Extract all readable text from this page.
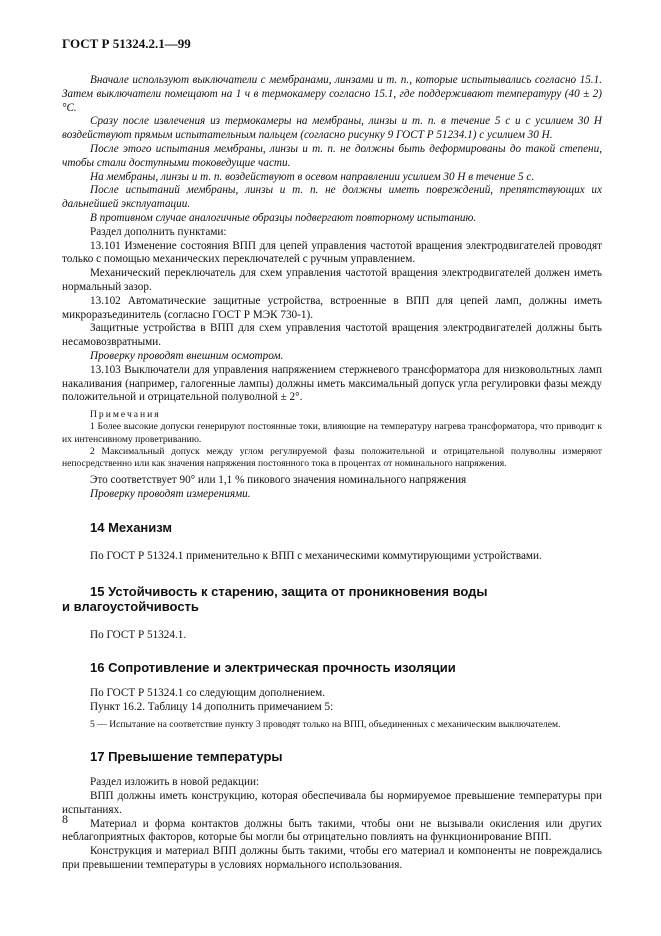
ГОСТ Р 51324.2.1—99

Вначале используют выключатели с мембранами, линзами и т. п., которые испытывались согласно 15.1. Затем выключатели помещают на 1 ч в термокамеру согласно 15.1, где поддерживают температуру (40 ± 2) °С.

Сразу после извлечения из термокамеры на мембраны, линзы и т. п. в течение 5 с и с усилием 30 Н воздействуют прямым испытательным пальцем (согласно рисунку 9 ГОСТ Р 51234.1) с усилием 30 Н.

После этого испытания мембраны, линзы и т. п. не должны быть деформированы до такой степени, чтобы стали доступными токоведущие части.

На мембраны, линзы и т. п. воздействуют в осевом направлении усилием 30 Н в течение 5 с.

После испытаний мембраны, линзы и т. п. не должны иметь повреждений, препятствующих их дальнейшей эксплуатации.

В противном случае аналогичные образцы подвергают повторному испытанию.

Раздел дополнить пунктами:

13.101 Изменение состояния ВПП для цепей управления частотой вращения электродвигателей проводят только с помощью механических переключателей с ручным управлением.

Механический переключатель для схем управления частотой вращения электродвигателей должен иметь нормальный зазор.

13.102 Автоматические защитные устройства, встроенные в ВПП для цепей ламп, должны иметь микроразъединитель (согласно ГОСТ Р МЭК 730-1).

Защитные устройства в ВПП для схем управления частотой вращения электродвигателей должны быть несамовозвратными.

Проверку проводят внешним осмотром.

13.103 Выключатели для управления напряжением стержневого трансформатора для низковольтных ламп накаливания (например, галогенные лампы) должны иметь максимальный допуск угла регулировки фазы между положительной и отрицательной полуволной ± 2°.

Примечания

1 Более высокие допуски генерируют постоянные токи, влияющие на температуру нагрева трансформатора, что приводит к их интенсивному проветриванию.

2 Максимальный допуск между углом регулируемой фазы положительной и отрицательной полуволны измеряют непосредственно или как значения напряжения постоянного тока в процентах от номинального напряжения.

Это соответствует 90° или 1,1 % пикового значения номинального напряжения

Проверку проводят измерениями.

14 Механизм

По ГОСТ Р 51324.1 применительно к ВПП с механическими коммутирующими устройствами.

15 Устойчивость к старению, защита от проникновения воды
и влагоустойчивость

По ГОСТ Р 51324.1.

16 Сопротивление и электрическая прочность изоляции

По ГОСТ Р 51324.1 со следующим дополнением.

Пункт 16.2. Таблицу 14 дополнить примечанием 5:

5 — Испытание на соответствие пункту 3 проводят только на ВПП, объединенных с механическим выключателем.

17 Превышение температуры

Раздел изложить в новой редакции:

ВПП должны иметь конструкцию, которая обеспечивала бы нормируемое превышение температуры при испытаниях.

Материал и форма контактов должны быть такими, чтобы они не вызывали окисления или других неблагоприятных факторов, которые бы могли бы отрицательно повлиять на функционирование ВПП.

Конструкция и материал ВПП должны быть такими, чтобы его материал и компоненты не повреждались при превышении температуры в условиях нормального использования.

8
